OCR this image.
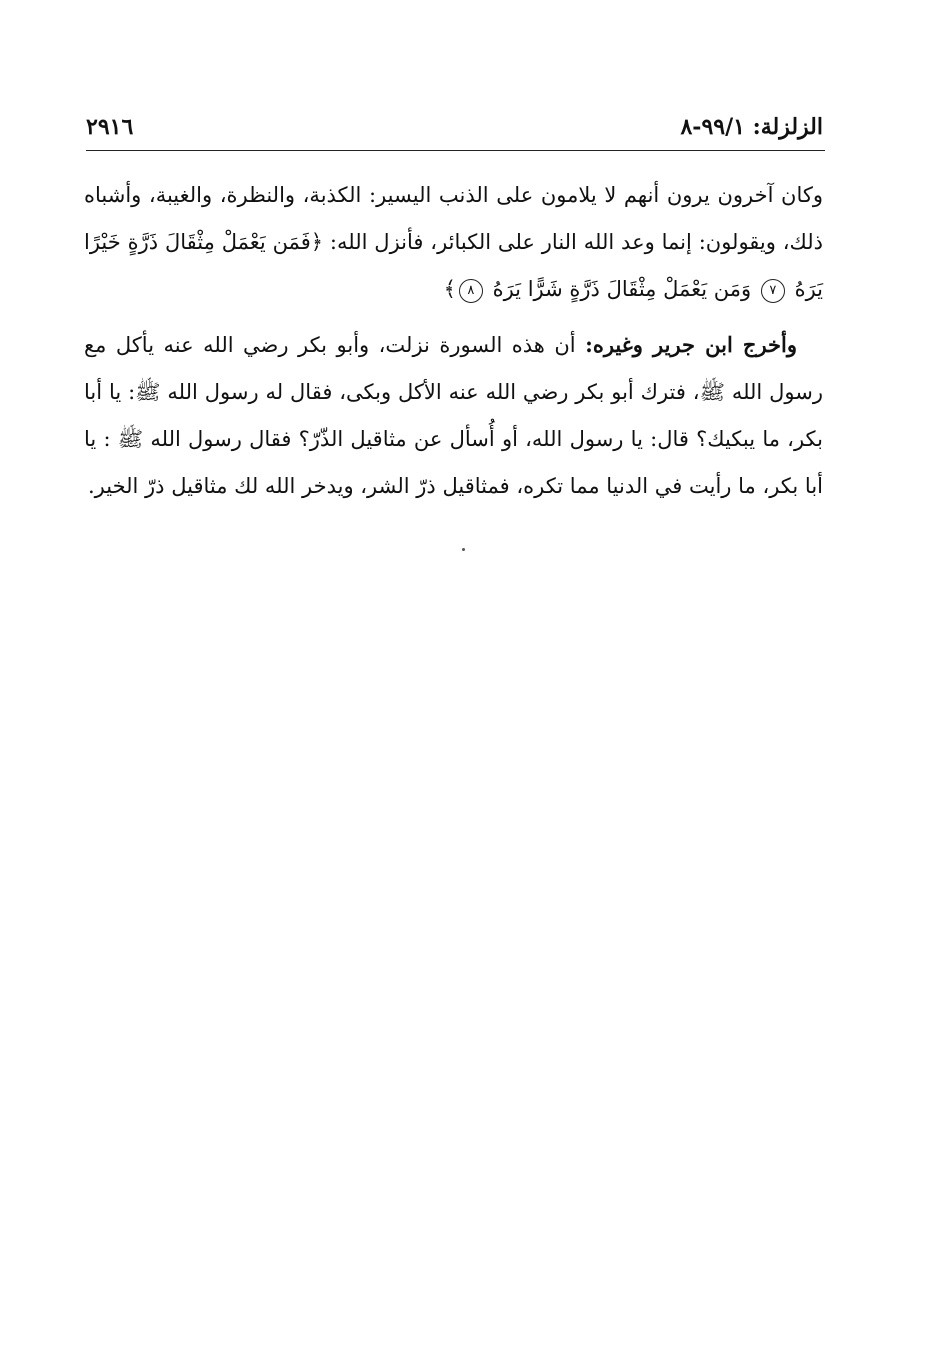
الزلزلة: ٩٩/١-٨
٢٩١٦

وكان آخرون يرون أنهم لا يلامون على الذنب اليسير: الكذبة، والنظرة، والغيبة، وأشباه ذلك، ويقولون: إنما وعد الله النار على الكبائر، فأنزل الله: ﴿فَمَن يَعْمَلْ مِثْقَالَ ذَرَّةٍ خَيْرًا يَرَهُ ٧ وَمَن يَعْمَلْ مِثْقَالَ ذَرَّةٍ شَرًّا يَرَهُ ٨﴾

وأخرج ابن جرير وغيره: أن هذه السورة نزلت، وأبو بكر رضي الله عنه يأكل مع رسول الله ﷺ، فترك أبو بكر رضي الله عنه الأكل وبكى، فقال له رسول الله ﷺ: يا أبا بكر، ما يبكيك؟ قال: يا رسول الله، أو أُسأل عن مثاقيل الذّرّ؟ فقال رسول الله ﷺ : يا أبا بكر، ما رأيت في الدنيا مما تكره، فمثاقيل ذرّ الشر، ويدخر الله لك مثاقيل ذرّ الخير.
